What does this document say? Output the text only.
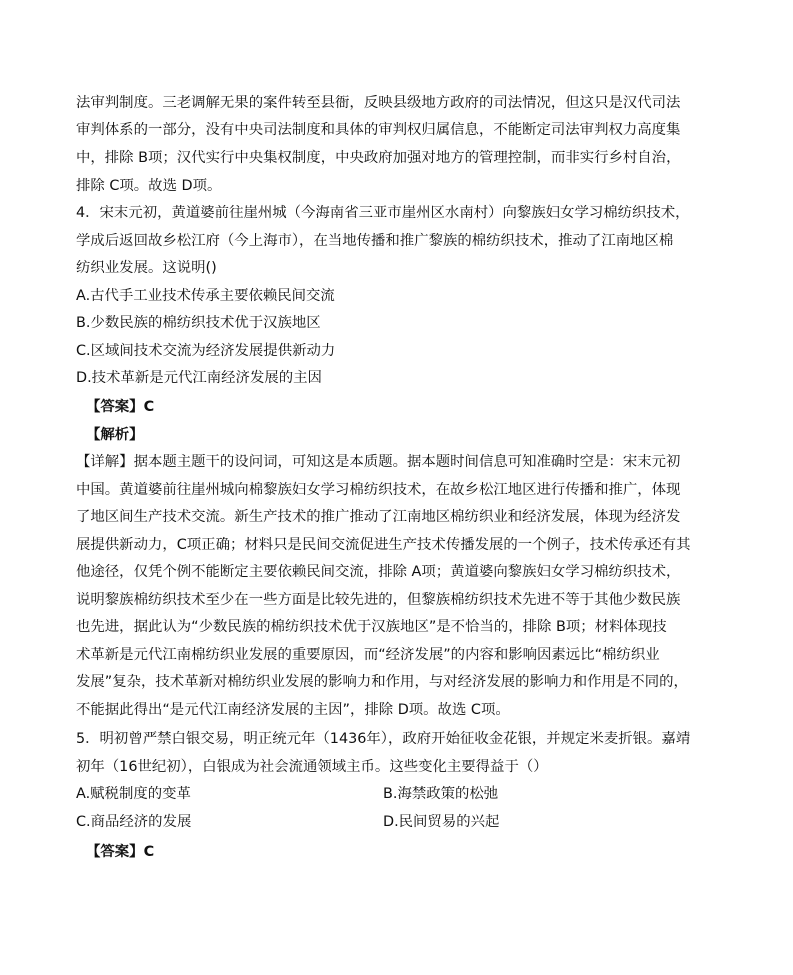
法审判制度。三老调解无果的案件转至县衙，反映县级地方政府的司法情况，但这只是汉代司法
审判体系的一部分，没有中央司法制度和具体的审判权归属信息，不能断定司法审判权力高度集
中，排除 B项；汉代实行中央集权制度，中央政府加强对地方的管理控制，而非实行乡村自治，
排除 C项。故选 D项。
4．宋末元初，黄道婆前往崖州城（今海南省三亚市崖州区水南村）向黎族妇女学习棉纺织技术，
学成后返回故乡松江府（今上海市），在当地传播和推广黎族的棉纺织技术，推动了江南地区棉
纺织业发展。这说明()
A.古代手工业技术传承主要依赖民间交流
B.少数民族的棉纺织技术优于汉族地区
C.区域间技术交流为经济发展提供新动力
D.技术革新是元代江南经济发展的主因
【答案】C
【解析】
【详解】据本题主题干的设问词，可知这是本质题。据本题时间信息可知准确时空是：宋末元初
中国。黄道婆前往崖州城向棉黎族妇女学习棉纺织技术，在故乡松江地区进行传播和推广，体现
了地区间生产技术交流。新生产技术的推广推动了江南地区棉纺织业和经济发展，体现为经济发
展提供新动力，C项正确；材料只是民间交流促进生产技术传播发展的一个例子，技术传承还有其
他途径，仅凭个例不能断定主要依赖民间交流，排除 A项；黄道婆向黎族妇女学习棉纺织技术，
说明黎族棉纺织技术至少在一些方面是比较先进的，但黎族棉纺织技术先进不等于其他少数民族
也先进，据此认为“少数民族的棉纺织技术优于汉族地区”是不恰当的，排除 B项；材料体现技
术革新是元代江南棉纺织业发展的重要原因，而“经济发展”的内容和影响因素远比“棉纺织业
发展”复杂，技术革新对棉纺织业发展的影响力和作用，与对经济发展的影响力和作用是不同的，
不能据此得出“是元代江南经济发展的主因”，排除 D项。故选 C项。
5．明初曾严禁白银交易，明正统元年（1436年），政府开始征收金花银，并规定米麦折银。嘉靖
初年（16世纪初），白银成为社会流通领域主币。这些变化主要得益于（）
A.赋税制度的变革	B.海禁政策的松弛
C.商品经济的发展	D.民间贸易的兴起
【答案】C
